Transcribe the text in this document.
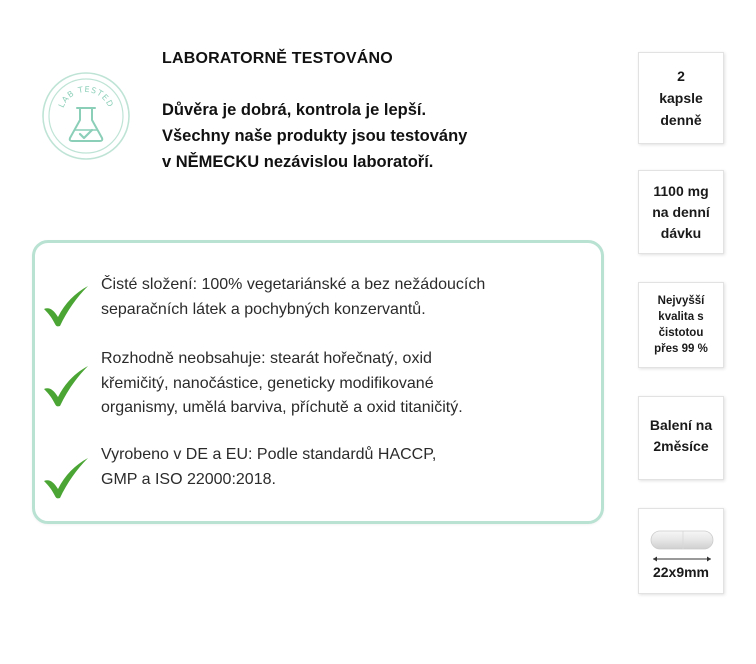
LAB TESTED
LABORATORNĚ TESTOVÁNO
Důvěra je dobrá, kontrola je lepší.
Všechny naše produkty jsou testovány
v NĚMECKU nezávislou laboratoří.
Čisté složení: 100% vegetariánské a bez nežádoucích
separačních látek a pochybných konzervantů.
Rozhodně neobsahuje: stearát hořečnatý, oxid
křemičitý, nanočástice, geneticky modifikované
organismy, umělá barviva, příchutě a oxid titaničitý.
Vyrobeno v DE a EU: Podle standardů HACCP,
GMP a ISO 22000:2018.
2
kapsle
denně
1100 mg
na denní
dávku
Nejvyšší
kvalita s
čistotou
přes 99 %
Balení na
2měsíce
22x9mm
